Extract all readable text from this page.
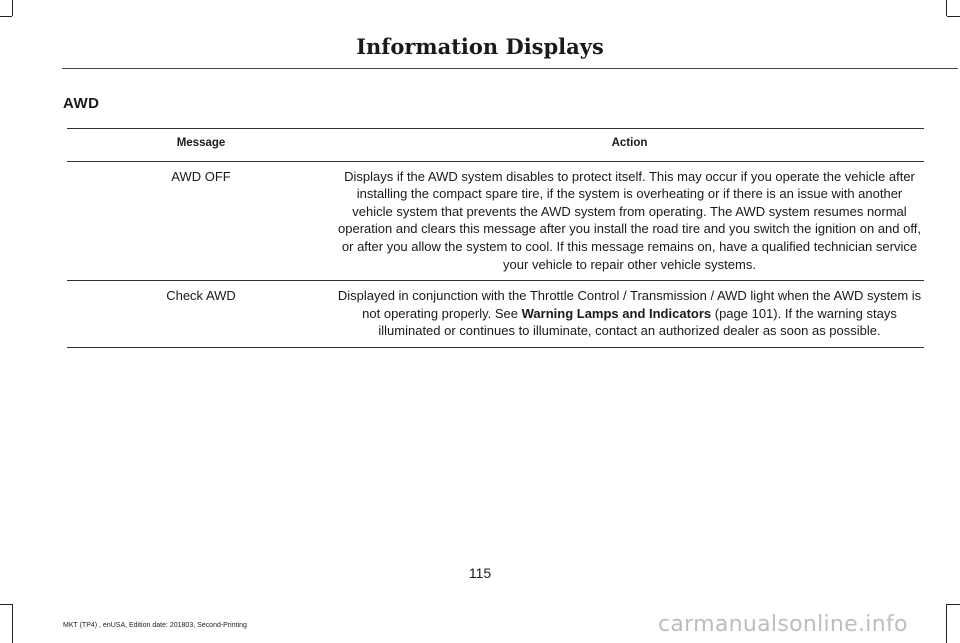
Information Displays
AWD
Message	Action
AWD OFF	Displays if the AWD system disables to protect itself. This may occur if you operate the vehicle after installing the compact spare tire, if the system is overheating or if there is an issue with another vehicle system that prevents the AWD system from operating. The AWD system resumes normal operation and clears this message after you install the road tire and you switch the ignition on and off, or after you allow the system to cool. If this message remains on, have a qualified technician service your vehicle to repair other vehicle systems.
Check AWD	Displayed in conjunction with the Throttle Control / Transmission / AWD light when the AWD system is not operating properly. See Warning Lamps and Indicators (page 101). If the warning stays illuminated or continues to illuminate, contact an authorized dealer as soon as possible.
115
MKT (TP4) , enUSA, Edition date: 201803, Second-Printing	carmanualsonline.info
